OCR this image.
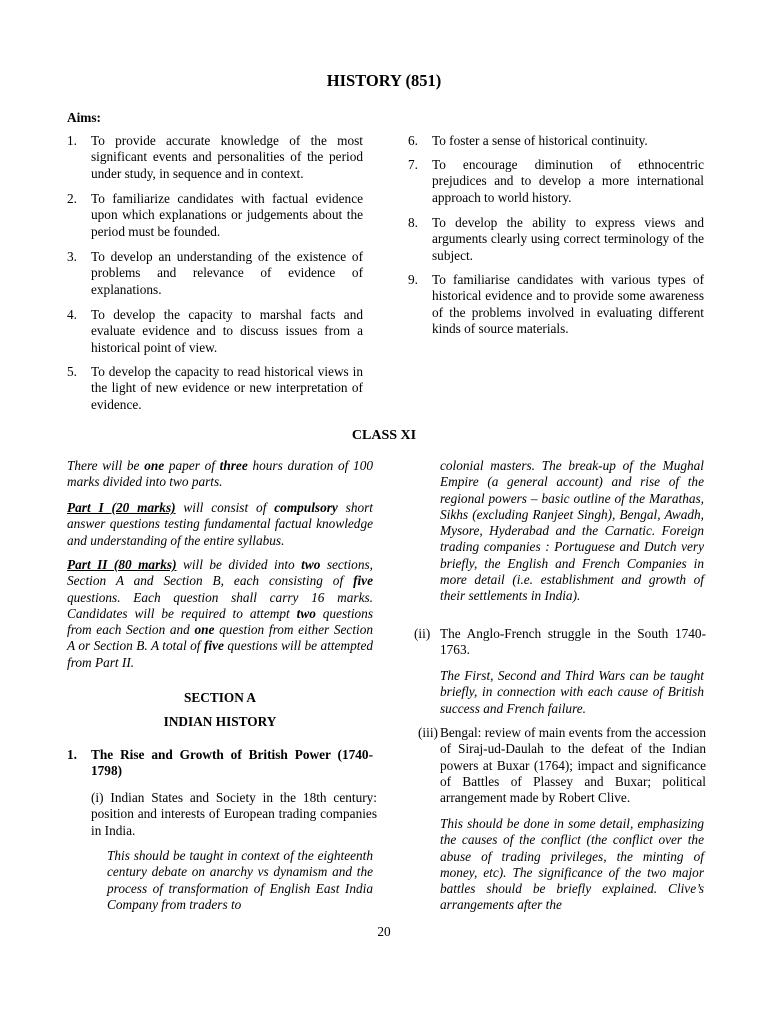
HISTORY (851)
Aims:
1. To provide accurate knowledge of the most significant events and personalities of the period under study, in sequence and in context.
2. To familiarize candidates with factual evidence upon which explanations or judgements about the period must be founded.
3. To develop an understanding of the existence of problems and relevance of evidence of explanations.
4. To develop the capacity to marshal facts and evaluate evidence and to discuss issues from a historical point of view.
5. To develop the capacity to read historical views in the light of new evidence or new interpretation of evidence.
6. To foster a sense of historical continuity.
7. To encourage diminution of ethnocentric prejudices and to develop a more international approach to world history.
8. To develop the ability to express views and arguments clearly using correct terminology of the subject.
9. To familiarise candidates with various types of historical evidence and to provide some awareness of the problems involved in evaluating different kinds of source materials.
CLASS XI
There will be one paper of three hours duration of 100 marks divided into two parts.
Part I (20 marks) will consist of compulsory short answer questions testing fundamental factual knowledge and understanding of the entire syllabus.
Part II (80 marks) will be divided into two sections, Section A and Section B, each consisting of five questions. Each question shall carry 16 marks. Candidates will be required to attempt two questions from each Section and one question from either Section A or Section B. A total of five questions will be attempted from Part II.
SECTION A
INDIAN HISTORY
1. The Rise and Growth of British Power (1740-1798)
(i) Indian States and Society in the 18th century: position and interests of European trading companies in India.
This should be taught in context of the eighteenth century debate on anarchy vs dynamism and the process of transformation of English East India Company from traders to
colonial masters. The break-up of the Mughal Empire (a general account) and rise of the regional powers – basic outline of the Marathas, Sikhs (excluding Ranjeet Singh), Bengal, Awadh, Mysore, Hyderabad and the Carnatic. Foreign trading companies : Portuguese and Dutch very briefly, the English and French Companies in more detail (i.e. establishment and growth of their settlements in India).
(ii) The Anglo-French struggle in the South 1740-1763.
The First, Second and Third Wars can be taught briefly, in connection with each cause of British success and French failure.
(iii) Bengal: review of main events from the accession of Siraj-ud-Daulah to the defeat of the Indian powers at Buxar (1764); impact and significance of Battles of Plassey and Buxar; political arrangement made by Robert Clive.
This should be done in some detail, emphasizing the causes of the conflict (the conflict over the abuse of trading privileges, the minting of money, etc). The significance of the two major battles should be briefly explained. Clive’s arrangements after the
20
